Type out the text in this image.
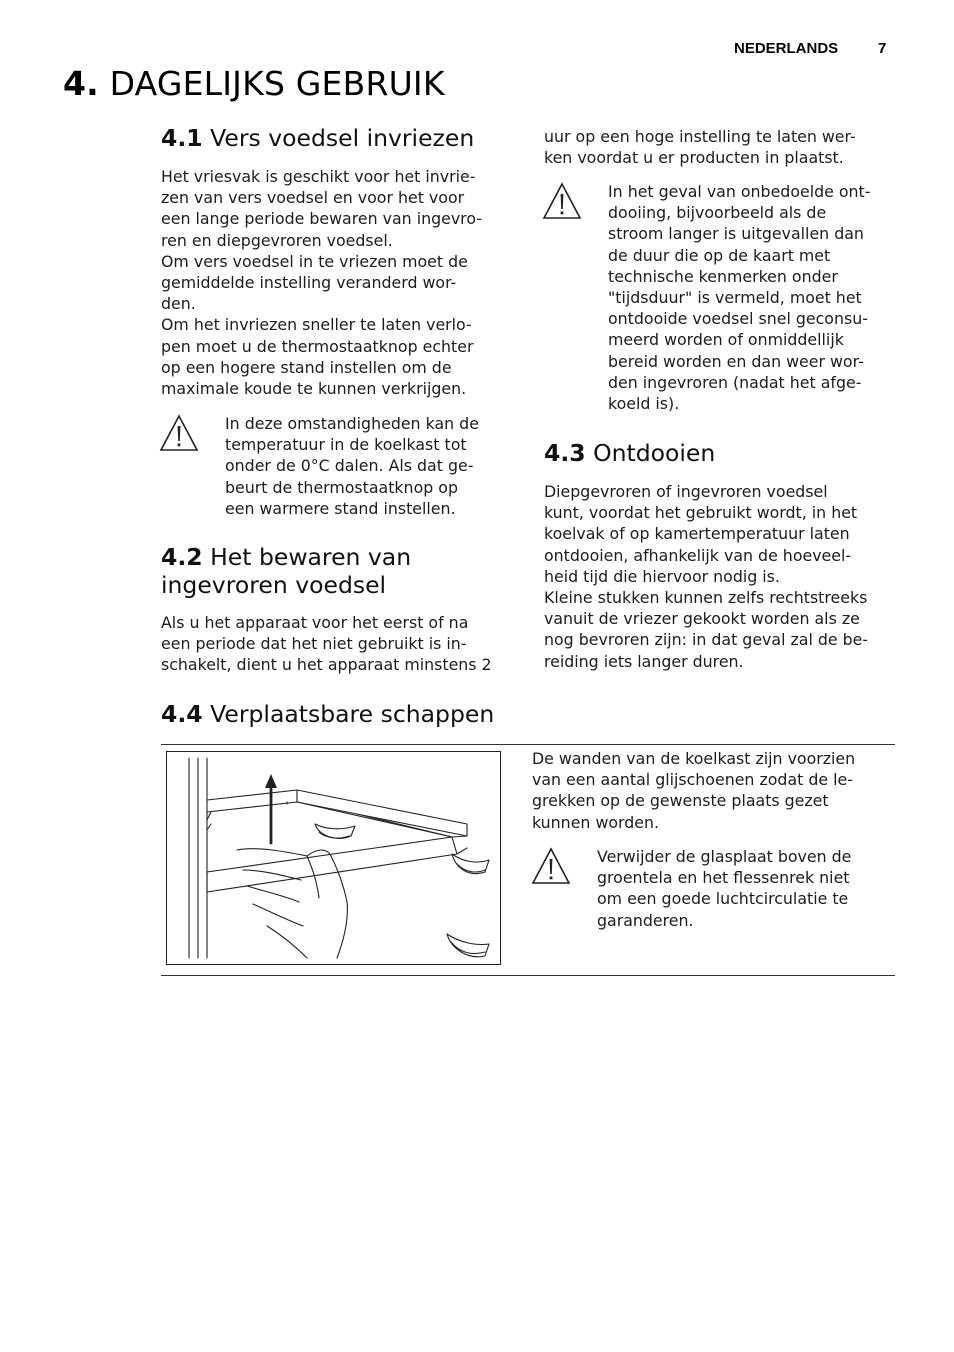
NEDERLANDS	7
4. DAGELIJKS GEBRUIK
4.1 Vers voedsel invriezen
Het vriesvak is geschikt voor het invrie-
zen van vers voedsel en voor het voor
een lange periode bewaren van ingevro-
ren en diepgevroren voedsel.
Om vers voedsel in te vriezen moet de
gemiddelde instelling veranderd wor-
den.
Om het invriezen sneller te laten verlo-
pen moet u de thermostaatknop echter
op een hogere stand instellen om de
maximale koude te kunnen verkrijgen.
In deze omstandigheden kan de
temperatuur in de koelkast tot
onder de 0°C dalen. Als dat ge-
beurt de thermostaatknop op
een warmere stand instellen.
4.2 Het bewaren van
ingevroren voedsel
Als u het apparaat voor het eerst of na
een periode dat het niet gebruikt is in-
schakelt, dient u het apparaat minstens 2
uur op een hoge instelling te laten wer-
ken voordat u er producten in plaatst.
In het geval van onbedoelde ont-
dooiing, bijvoorbeeld als de
stroom langer is uitgevallen dan
de duur die op de kaart met
technische kenmerken onder
"tijdsduur" is vermeld, moet het
ontdooide voedsel snel geconsu-
meerd worden of onmiddellijk
bereid worden en dan weer wor-
den ingevroren (nadat het afge-
koeld is).
4.3 Ontdooien
Diepgevroren of ingevroren voedsel
kunt, voordat het gebruikt wordt, in het
koelvak of op kamertemperatuur laten
ontdooien, afhankelijk van de hoeveel-
heid tijd die hiervoor nodig is.
Kleine stukken kunnen zelfs rechtstreeks
vanuit de vriezer gekookt worden als ze
nog bevroren zijn: in dat geval zal de be-
reiding iets langer duren.
4.4 Verplaatsbare schappen
De wanden van de koelkast zijn voorzien
van een aantal glijschoenen zodat de le-
grekken op de gewenste plaats gezet
kunnen worden.
Verwijder de glasplaat boven de
groentela en het flessenrek niet
om een goede luchtcirculatie te
garanderen.
